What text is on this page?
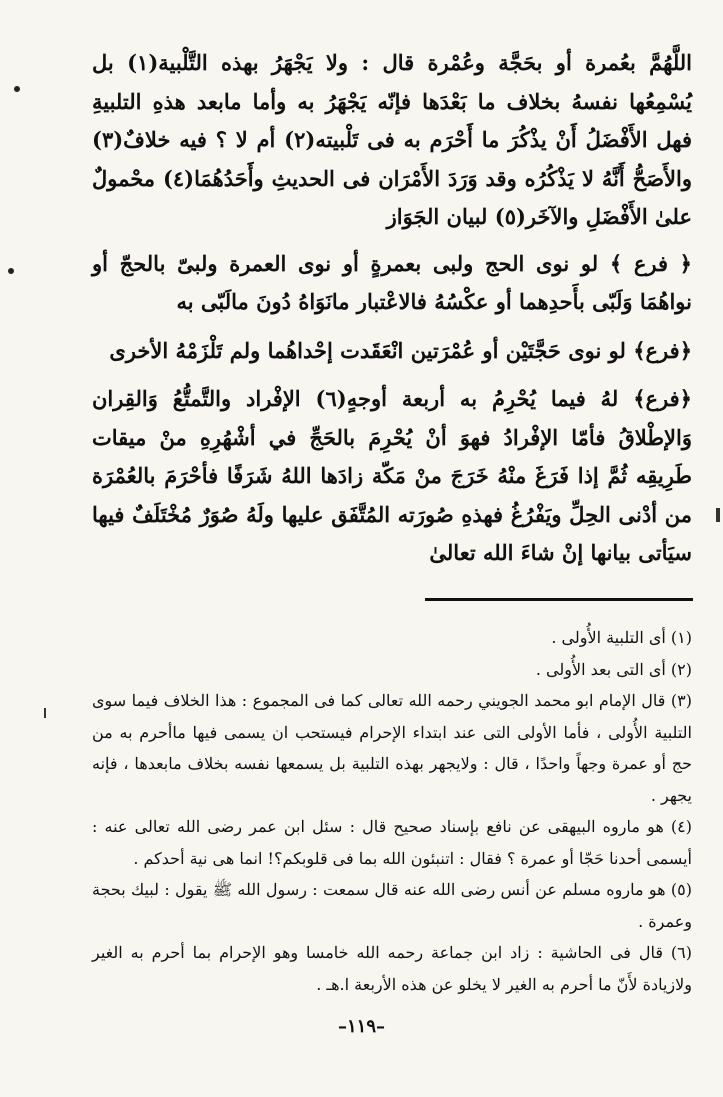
اللَّهُمَّ بعُمرة أو بحَجَّة وعُمْرة قال : ولا يَجْهَرُ بهذه التَّلْبية(١) بل يُسْمِعُها نفسهُ بخلاف ما بَعْدَها فإنّه يَجْهَرُ به وأما مابعد هذهِ التلبيةِ فهل الأَفْضَلُ أَنْ يذْكُرَ ما أَحْرَم به فى تَلْبيته(٢) أم لا ؟ فيه خلافٌ(٣) والأَصَحُّ أَنَّهُ لا يَذْكُرُه وقد وَرَدَ الأَمْرَان فى الحديثِ وأَحَدُهُمَا(٤) محْمولٌ علىٰ الأَفْضَلِ والآخَر(٥) لبيان الجَوَاز

﴿ فرع ﴾ لو نوى الحج ولبى بعمرةٍ أو نوى العمرة ولبىّ بالحجّ أو نواهُمَا وَلَبّى بأَحدِهما أو عكْسُهُ فالاعْتبار مانَوَاهُ دُونَ مالَبّى به

﴿فرع﴾ لو نوى حَجَّتَيْن أو عُمْرَتين انْعَقَدت إحْداهُما ولم تَلْزَمْهُ الأخرى

﴿فرع﴾ لهُ فيما يُحْرِمُ به أربعة أوجهٍ(٦) الإفْراد والتَّمتُّعُ وَالقِران وَالإطْلاقُ فأمّا الإفْرادُ فهوَ أنْ يُحْرِمَ بالحَجِّ في أشْهُرِهِ منْ ميقات طَرِيقِه ثُمَّ إذا فَرَغَ منْهُ خَرَجَ منْ مَكّة زادَها اللهُ شَرَفًا فأحْرَمَ بالعُمْرَة من أدْنى الحِلِّ ويَفْرُغُ فهذهِ صُورَته المُتَّفَق عليها ولَهُ صُوَرٌ مُخْتَلَفٌ فيها سيَأتى بيانها إنْ شاءَ الله تعالىٰ

(١) أى التلبية الأُولى .

(٢) أى التى بعد الأُولى .

(٣) قال الإمام ابو محمد الجويني رحمه الله تعالى كما فى المجموع : هذا الخلاف فيما سوى التلبية الأُولى ، فأما الأولى التى عند ابتداء الإحرام فيستحب ان يسمى فيها ماأحرم به من حج أو عمرة وجهاً واحدًا ، قال : ولايجهر بهذه التلبية بل يسمعها نفسه بخلاف مابعدها ، فإنه يجهر .

(٤) هو ماروه البيهقى عن نافع بإسناد صحيح قال : سئل ابن عمر رضى الله تعالى عنه : أيسمى أحدنا حَجّا أو عمرة ؟ فقال : اتنبئون الله بما فى قلوبكم؟! انما هى نية أحدكم .

(٥) هو ماروه مسلم عن أنس رضى الله عنه قال سمعت : رسول الله ﷺ يقول : لبيك بحجة وعمرة .

(٦) قال فى الحاشية : زاد ابن جماعة رحمه الله خامسا وهو الإحرام بما أحرم به الغير ولازيادة لأَنّ ما أحرم به الغير لا يخلو عن هذه الأربعة ا.هـ .

–١١٩–
